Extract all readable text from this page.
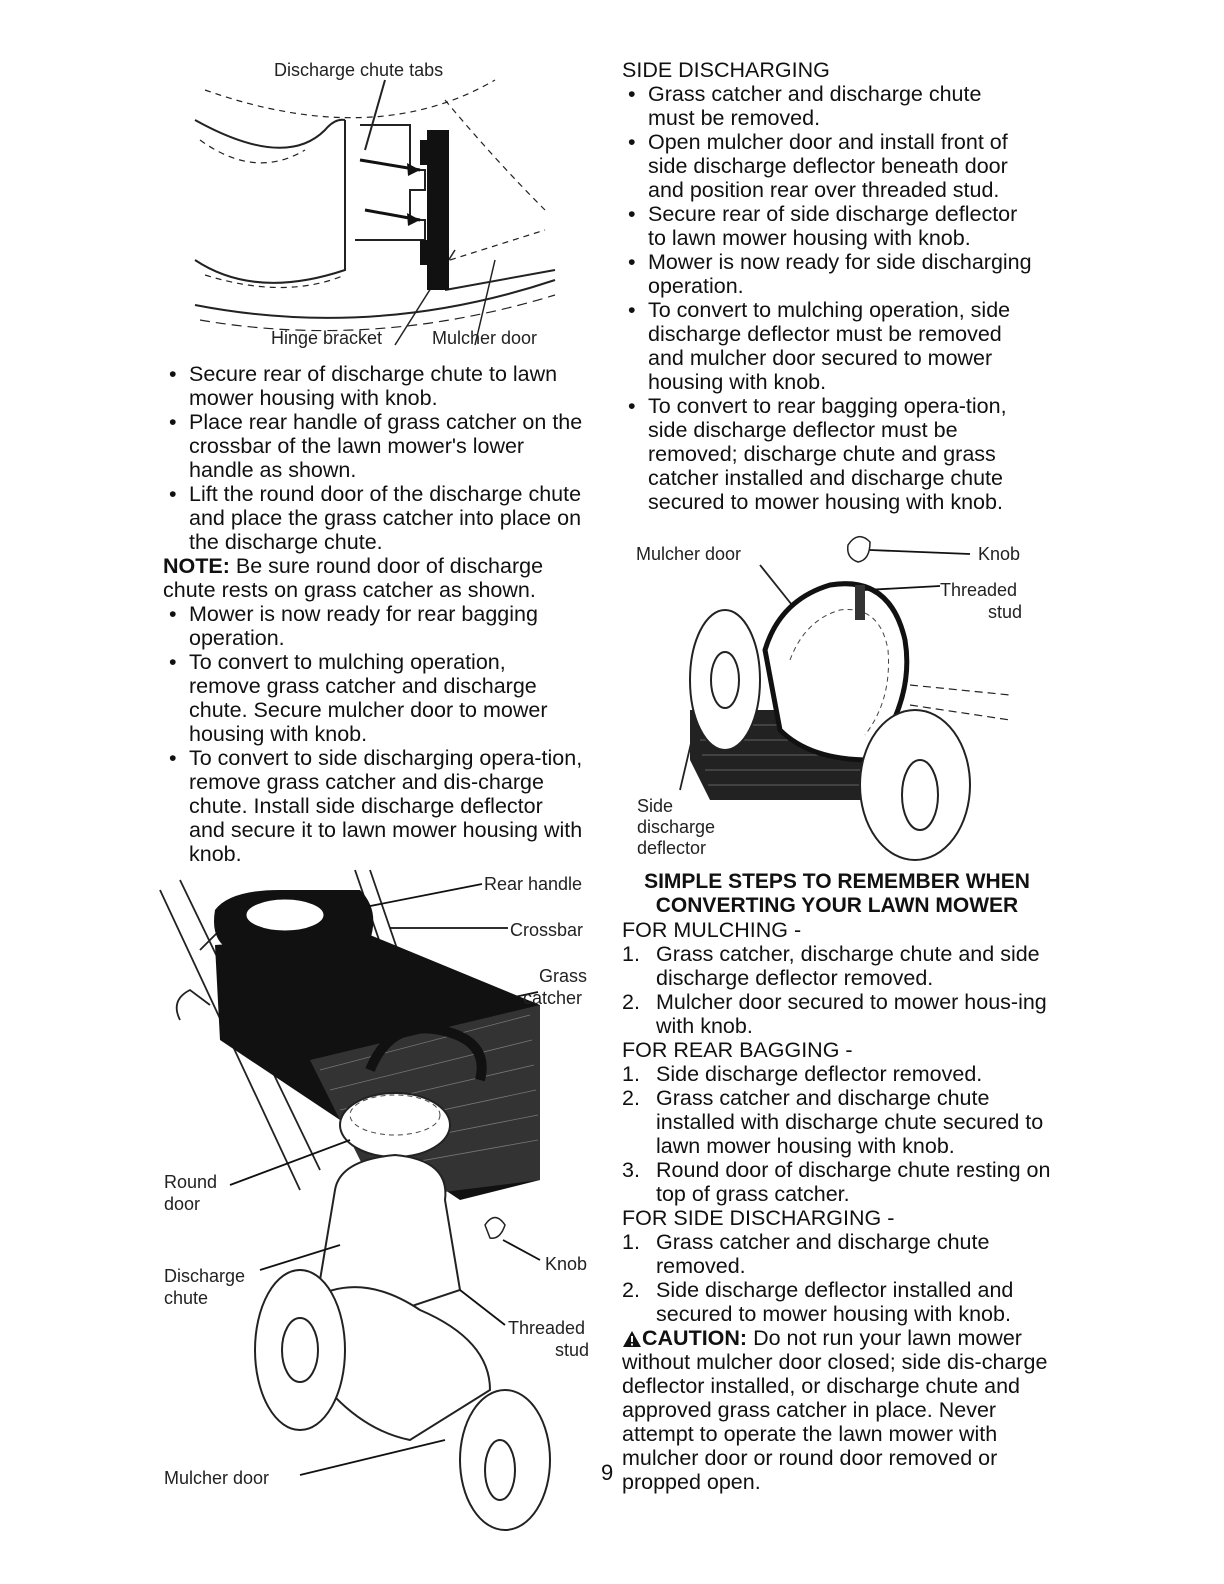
Discharge chute tabs
Hinge bracket	Mulcher door
• Secure rear of discharge chute to lawn mower housing with knob.
• Place rear handle of grass catcher on the crossbar of the lawn mower's lower handle as shown.
• Lift the round door of the discharge chute and place the grass catcher into place on the discharge chute.
NOTE: Be sure round door of discharge chute rests on grass catcher as shown.
• Mower is now ready for rear bagging operation.
• To convert to mulching operation, remove grass catcher and discharge chute. Secure mulcher door to mower housing with knob.
• To convert to side discharging opera-tion, remove grass catcher and dis-charge chute. Install side discharge deflector and secure it to lawn mower housing with knob.
Rear handle
Crossbar
Grass
catcher
Round
door
Discharge
chute
Knob
Threaded
stud
Mulcher door
SIDE DISCHARGING
• Grass catcher and discharge chute must be removed.
• Open mulcher door and install front of side discharge deflector beneath door and position rear over threaded stud.
• Secure rear of side discharge deflector to lawn mower housing with knob.
• Mower is now ready for side discharging operation.
• To convert to mulching operation, side discharge deflector must be removed and mulcher door secured to mower housing with knob.
• To convert to rear bagging opera-tion, side discharge deflector must be removed; discharge chute and grass catcher installed and discharge chute secured to mower housing with knob.
Mulcher door	Knob
Threaded
stud
Side
discharge
deflector

SIMPLE STEPS TO REMEMBER WHEN

CONVERTING YOUR LAWN MOWER

FOR MULCHING -
1. Grass catcher, discharge chute and side discharge deflector removed.
2. Mulcher door secured to mower hous-ing with knob.
FOR REAR BAGGING -
1. Side discharge deflector removed.
2. Grass catcher and discharge chute installed with discharge chute secured to lawn mower housing with knob.
3. Round door of discharge chute resting on top of grass catcher.
FOR SIDE DISCHARGING -
1. Grass catcher and discharge chute removed.
2. Side discharge deflector installed and secured to mower housing with knob.
CAUTION: Do not run your lawn mower without mulcher door closed; side dis-charge deflector installed, or discharge chute and approved grass catcher in place. Never attempt to operate the lawn mower with mulcher door or round door removed or propped open.
9
